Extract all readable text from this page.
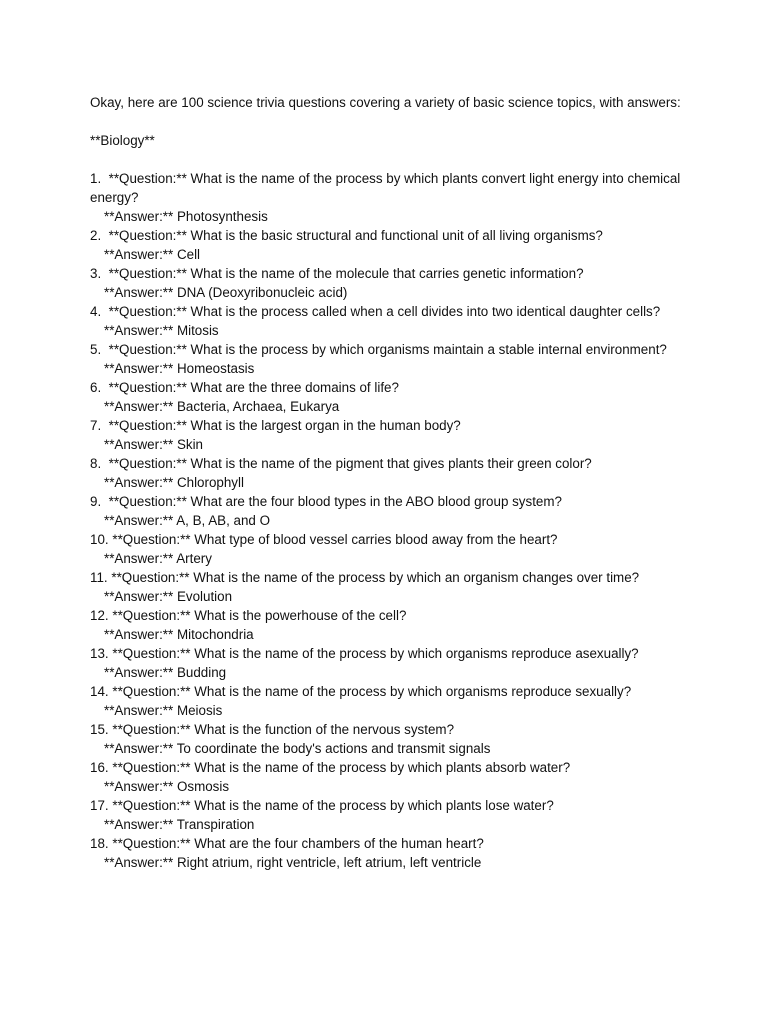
Okay, here are 100 science trivia questions covering a variety of basic science topics, with answers:
**Biology**
1. **Question:** What is the name of the process by which plants convert light energy into chemical energy?
**Answer:** Photosynthesis
2. **Question:** What is the basic structural and functional unit of all living organisms?
**Answer:** Cell
3. **Question:** What is the name of the molecule that carries genetic information?
**Answer:** DNA (Deoxyribonucleic acid)
4. **Question:** What is the process called when a cell divides into two identical daughter cells?
**Answer:** Mitosis
5. **Question:** What is the process by which organisms maintain a stable internal environment?
**Answer:** Homeostasis
6. **Question:** What are the three domains of life?
**Answer:** Bacteria, Archaea, Eukarya
7. **Question:** What is the largest organ in the human body?
**Answer:** Skin
8. **Question:** What is the name of the pigment that gives plants their green color?
**Answer:** Chlorophyll
9. **Question:** What are the four blood types in the ABO blood group system?
**Answer:** A, B, AB, and O
10. **Question:** What type of blood vessel carries blood away from the heart?
**Answer:** Artery
11. **Question:** What is the name of the process by which an organism changes over time?
**Answer:** Evolution
12. **Question:** What is the powerhouse of the cell?
**Answer:** Mitochondria
13. **Question:** What is the name of the process by which organisms reproduce asexually?
**Answer:** Budding
14. **Question:** What is the name of the process by which organisms reproduce sexually?
**Answer:** Meiosis
15. **Question:** What is the function of the nervous system?
**Answer:** To coordinate the body's actions and transmit signals
16. **Question:** What is the name of the process by which plants absorb water?
**Answer:** Osmosis
17. **Question:** What is the name of the process by which plants lose water?
**Answer:** Transpiration
18. **Question:** What are the four chambers of the human heart?
**Answer:** Right atrium, right ventricle, left atrium, left ventricle
